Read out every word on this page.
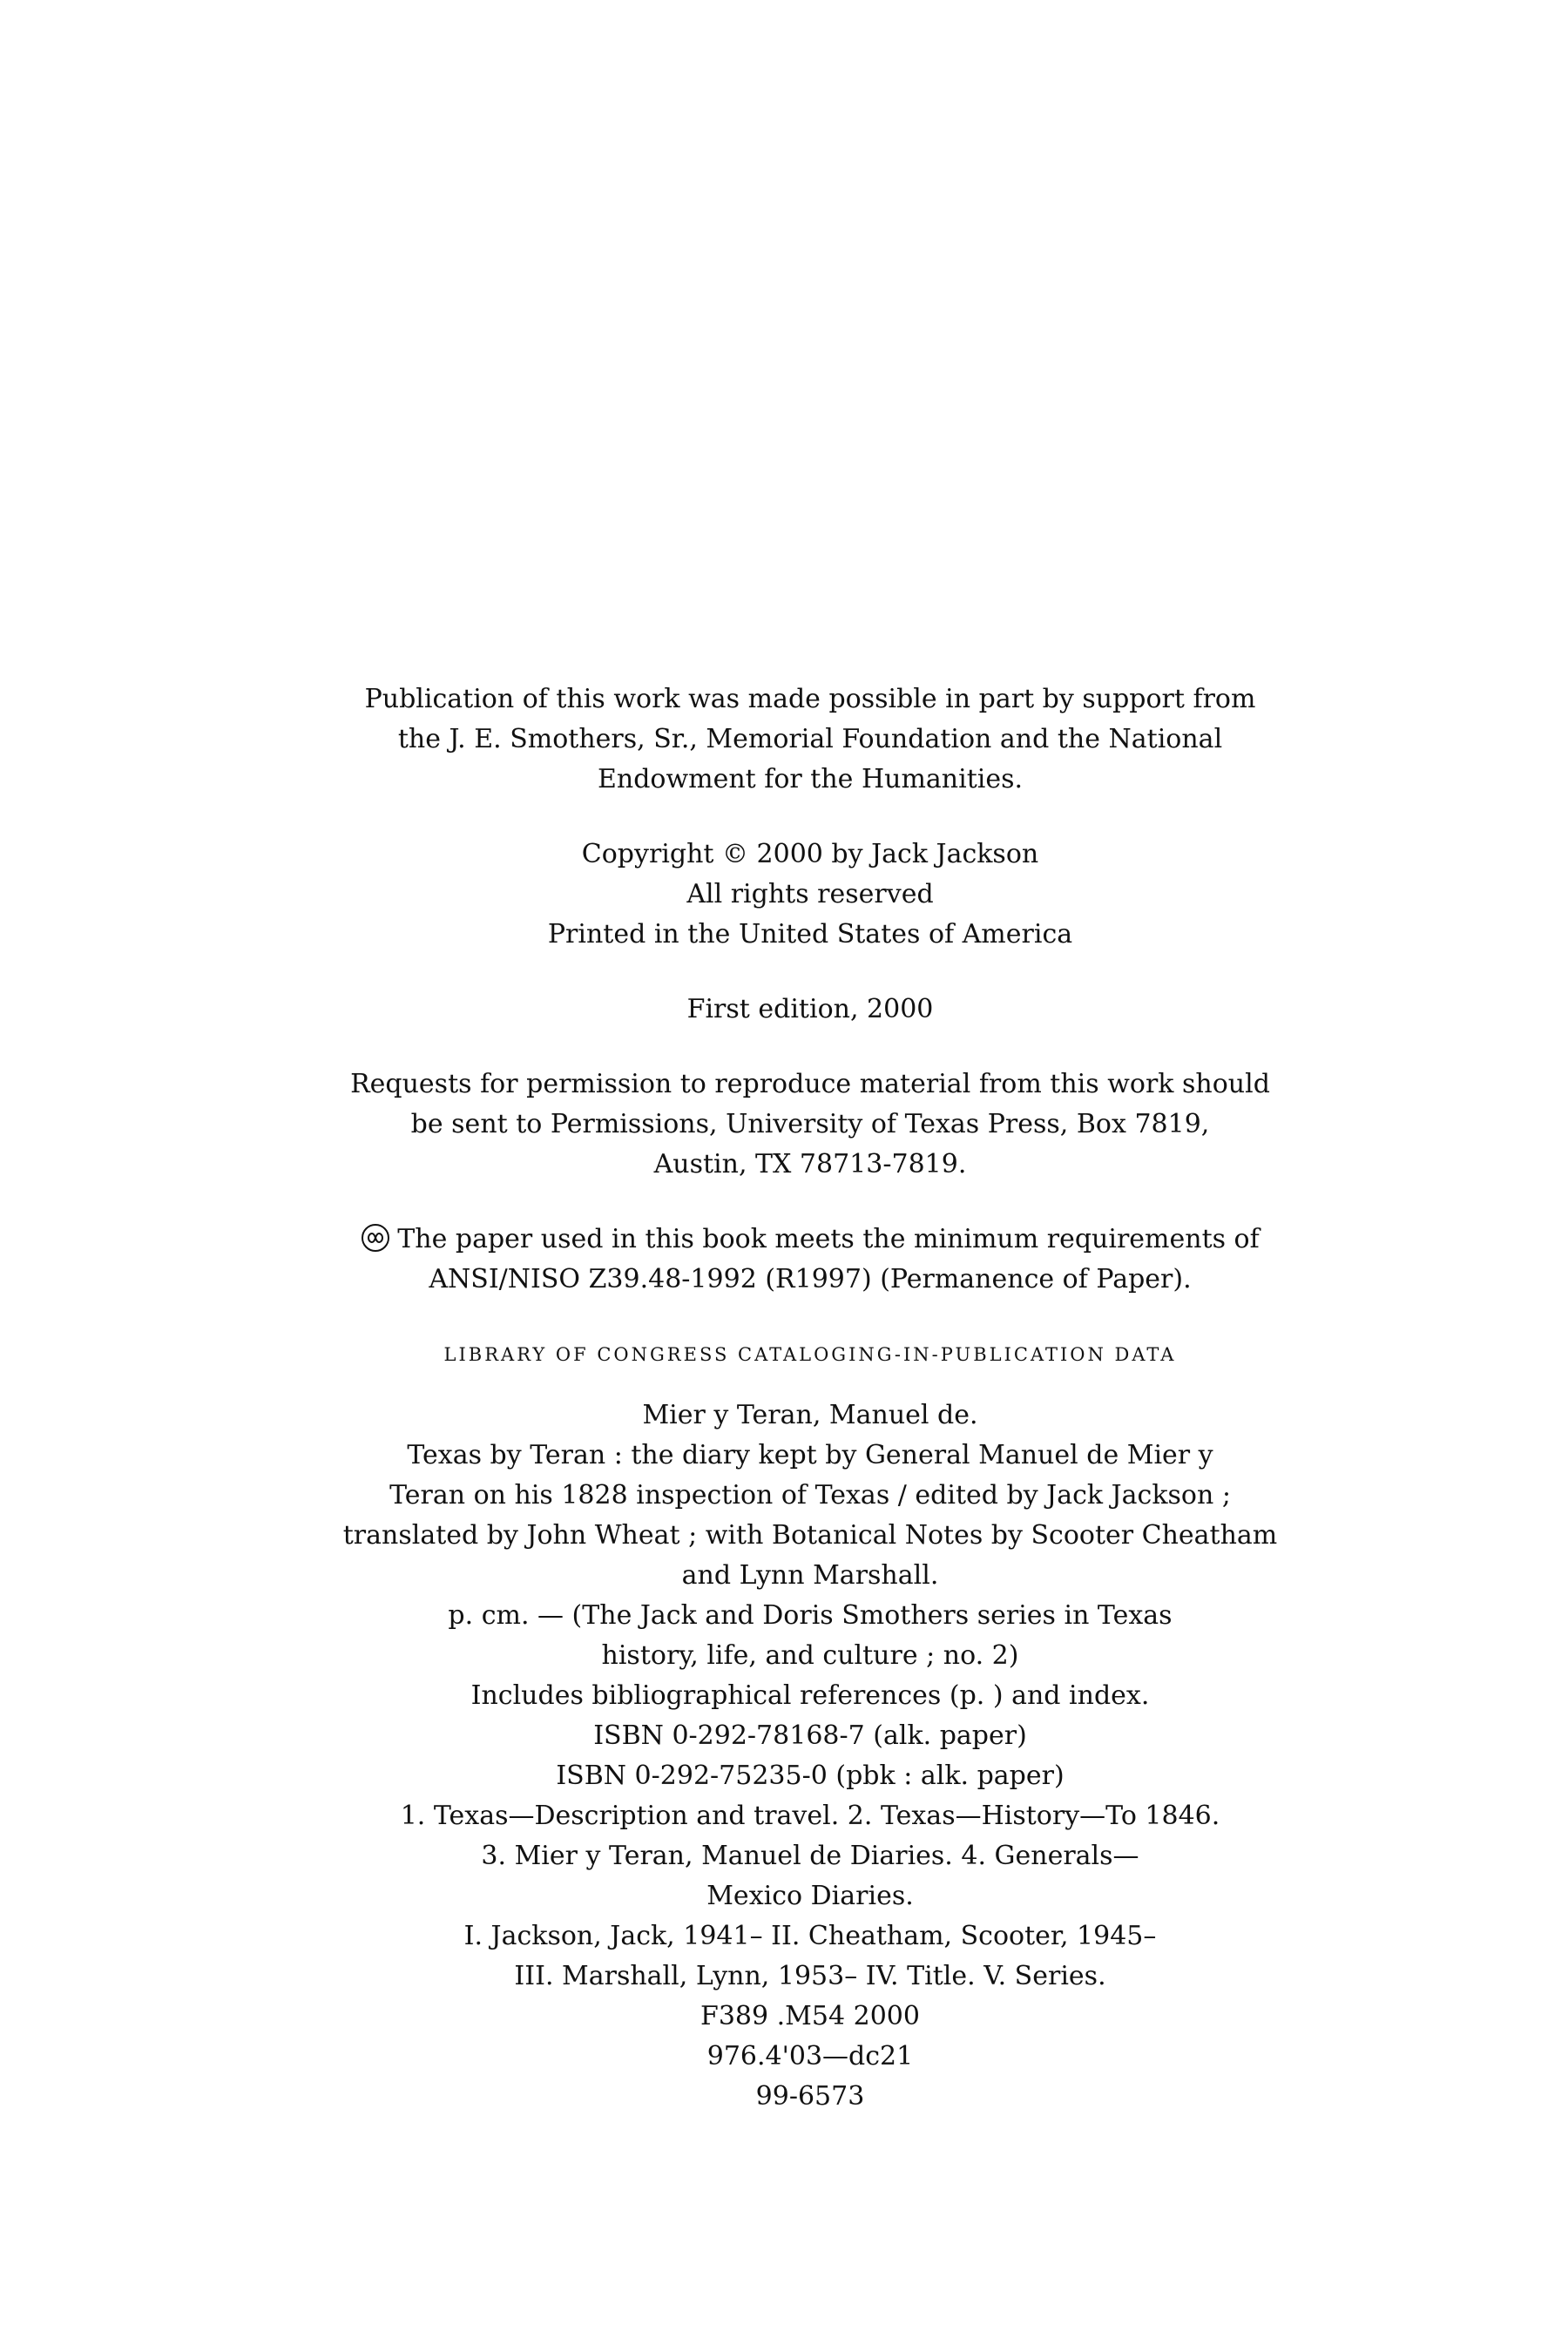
Publication of this work was made possible in part by support from
the J. E. Smothers, Sr., Memorial Foundation and the National
Endowment for the Humanities.
Copyright © 2000 by Jack Jackson
All rights reserved
Printed in the United States of America
First edition, 2000
Requests for permission to reproduce material from this work should
be sent to Permissions, University of Texas Press, Box 7819,
Austin, TX 78713-7819.
The paper used in this book meets the minimum requirements of
ANSI/NISO Z39.48-1992 (R1997) (Permanence of Paper).
LIBRARY OF CONGRESS CATALOGING-IN-PUBLICATION DATA
Mier y Teran, Manuel de.
Texas by Teran : the diary kept by General Manuel de Mier y
Teran on his 1828 inspection of Texas / edited by Jack Jackson ;
translated by John Wheat ; with Botanical Notes by Scooter Cheatham
and Lynn Marshall.
p. cm. — (The Jack and Doris Smothers series in Texas
history, life, and culture ; no. 2)
Includes bibliographical references (p. ) and index.
ISBN 0-292-78168-7 (alk. paper)
ISBN 0-292-75235-0 (pbk : alk. paper)
1. Texas—Description and travel. 2. Texas—History—To 1846.
3. Mier y Teran, Manuel de Diaries. 4. Generals—
Mexico Diaries.
I. Jackson, Jack, 1941– II. Cheatham, Scooter, 1945–
III. Marshall, Lynn, 1953– IV. Title. V. Series.
F389 .M54 2000
976.4'03—dc21
99-6573
